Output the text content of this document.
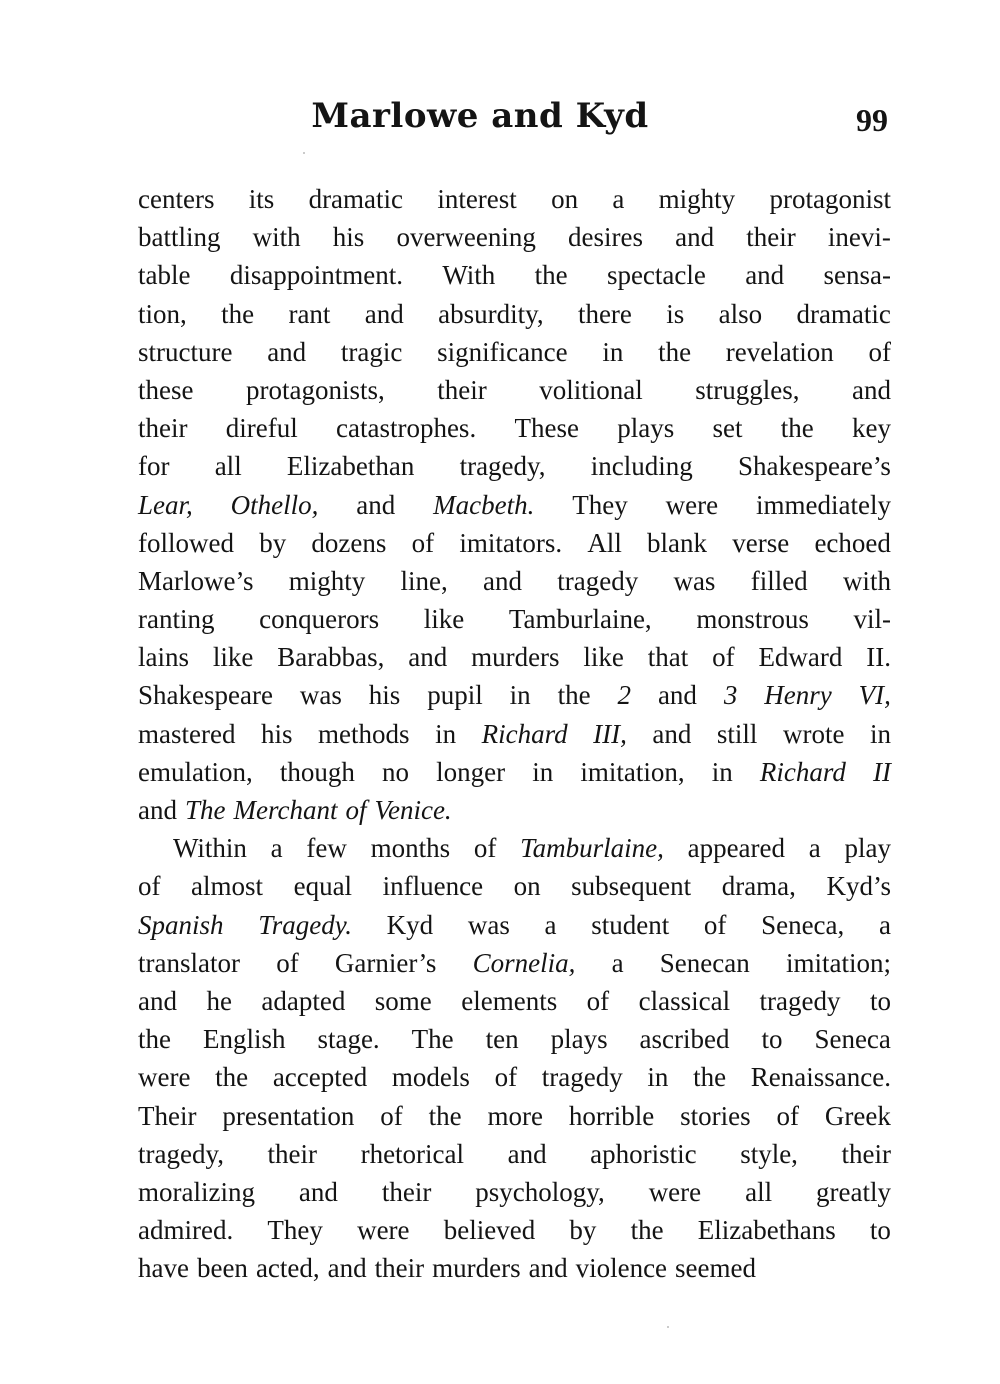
Marlowe and Kyd	99
centers its dramatic interest on a mighty protagonist
battling with his overweening desires and their inevi-
table disappointment. With the spectacle and sensa-
tion, the rant and absurdity, there is also dramatic
structure and tragic significance in the revelation of
these protagonists, their volitional struggles, and
their direful catastrophes. These plays set the key
for all Elizabethan tragedy, including Shakespeare’s
Lear, Othello, and Macbeth. They were immediately
followed by dozens of imitators. All blank verse echoed
Marlowe’s mighty line, and tragedy was filled with
ranting conquerors like Tamburlaine, monstrous vil-
lains like Barabbas, and murders like that of Edward II.
Shakespeare was his pupil in the 2 and 3 Henry VI,
mastered his methods in Richard III, and still wrote in
emulation, though no longer in imitation, in Richard II
and The Merchant of Venice.
Within a few months of Tamburlaine, appeared a play
of almost equal influence on subsequent drama, Kyd’s
Spanish Tragedy. Kyd was a student of Seneca, a
translator of Garnier’s Cornelia, a Senecan imitation;
and he adapted some elements of classical tragedy to
the English stage. The ten plays ascribed to Seneca
were the accepted models of tragedy in the Renaissance.
Their presentation of the more horrible stories of Greek
tragedy, their rhetorical and aphoristic style, their
moralizing and their psychology, were all greatly
admired. They were believed by the Elizabethans to
have been acted, and their murders and violence seemed
